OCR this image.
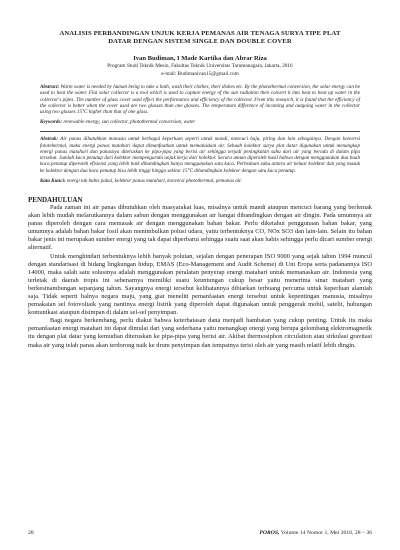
ANALISIS PERBANDINGAN UNJUK KERJA PEMANAS AIR TENAGA SURYA TIPE PLAT
DATAR DENGAN SISTEM SINGLE DAN DOUBLE COVER
Ivan Budiman, I Made Kartika dan Abrar Riza
Program Studi Teknik Mesin, Fakultas Teknik Universitas Tarumanagara, Jakarta, 2016
e-mail: Budimanivan15@gmail.com
Abstract: Warm water is needed by human being to take a bath, wash their clothes, their dishes etc. By the photothermal conversion, the solar energy can be used to heat the water. Flat solar collector is a tool which is used to capture energy of the sun radiation then convert it into heat to heat up water in the collector's pipes. The number of glass cover used effect the performance and efficiency of the collector. From this research, it is found that the efficiency of the collector is better when the cover used are two glasses than one glasses. The temperature difference of incoming and outgoing water in the collector using two glasses 15°C higher than that of one glass.
Keywords: renewable energy, sun collector, photothermal conversion, water
Abstrak: Air panas dibutuhkan manusia untuk berbagai keperluan seperti untuk mandi, mencuci baju, piring dan lain sebagainya. Dengan konversi fototehermal, maka energi panas matahari dapat dimanfaatkan untuk memanaskan air. Sebuah kolektor surya plat datar digunakan untuk menangkap energi panas matahari dan panasnya diteruskan ke pipa-pipa yang berisi air sehingga terjadi peningkatan suhu dari air yang berada di dalam pipa tersebut. Jumlah kaca penutup dari kolektor mempengaruhi unjuk kerja dari kolektor. Secara umum diperoleh hasil bahwa dengan menggunakan dua buah kaca penutup diperoleh efisiensi yang lebih baik dibandingkan hanya menggunakan satu kaca. Perbedaan suhu antara air keluar kolektor dan yang masuk ke kolektor dengan dua kaca penutup bisa lebih tinggi hingga sekitar 15°C dibandingkan kolektor dengan satu kaca penutup.
Kata Kunci: energi tak habis pakai, kolektor panas matahari, konversi photothermal, pemanas air.
PENDAHULUAN

Pada zaman ini air panas dibutuhkan oleh masyarakat luas, misalnya untuk mandi ataupun mencuci barang yang berlemak akan lebih mudah melarutkannya dalam sabun dengan menggunakan air hangat dibandingkan dengan air dingin. Pada umumnya air panas diperoleh dengan cara memasak air dengan menggunakan bahan bakar. Perlu diketahui penggunaan bahan bakar, yang umumnya adalah bahan bakar fosil akan menimbulkan polusi udara, yaitu terbentuknya CO, NOx SO3 dan lain-lain. Selain itu bahan bakar jenis ini merupakan sumber energi yang tak dapat diperbarui sehingga suatu saat akan habis sehingga perlu dicari sumber energi alternatif.

Untuk menghindari terbentuknya lebih banyak polutan, sejalan dengan penerapan ISO 9000 yang sejak tahun 1994 muncul dengan standarisasi di bidang lingkungan hidup, EMAS (Eco-Management and Audit Scheme) di Uni Eropa serta padanannya ISO 14000, maka salah satu solusinya adalah menggunakan peralatan penyerap energi matahari untuk memanaskan air. Indonesia yang terletak di daerah tropis ini sebenarnya memiliki suatu keuntungan cukup besar yaitu menerima sinar matahari yang berkesinambungan sepanjang tahun. Sayangnya energi tersebut kelihatannya dibiarkan terbuang percuma untuk keperluan alamiah saja. Tidak seperti halnya negara maju, yang giat meneliti pemanfaatan energi tersebut untuk kepentingan manusia, misalnya pemakaian sel fotovoltaik yang nantinya energi listrik yang diperoleh dapat digunakan untuk penggerak mobil, satelit, hubungan komunikasi ataupun disimpan di dalam sel-sel penyimpan.

Bagi negara berkembang, perlu diakui bahwa keterbatasan dana menjadi hambatan yang cukup penting. Untuk itu maka pemanfaatan energi matahari ini dapat dimulai dari yang sederhana yaitu menangkap energi yang berupa gelombang elektromagnetik itu dengan plat datar yang kemudian diteruskan ke pipa-pipa yang berisi air. Akibat thermosiphon circulation atau sirkulasi gravitasi maka air yang telah panas akan terdorong naik ke drum penyimpan dan tempatnya terisi oleh air yang masih relatif lebih dingin.

28	POROS, Volume 14 Nomor 1, Mei 2016, 28 – 36
